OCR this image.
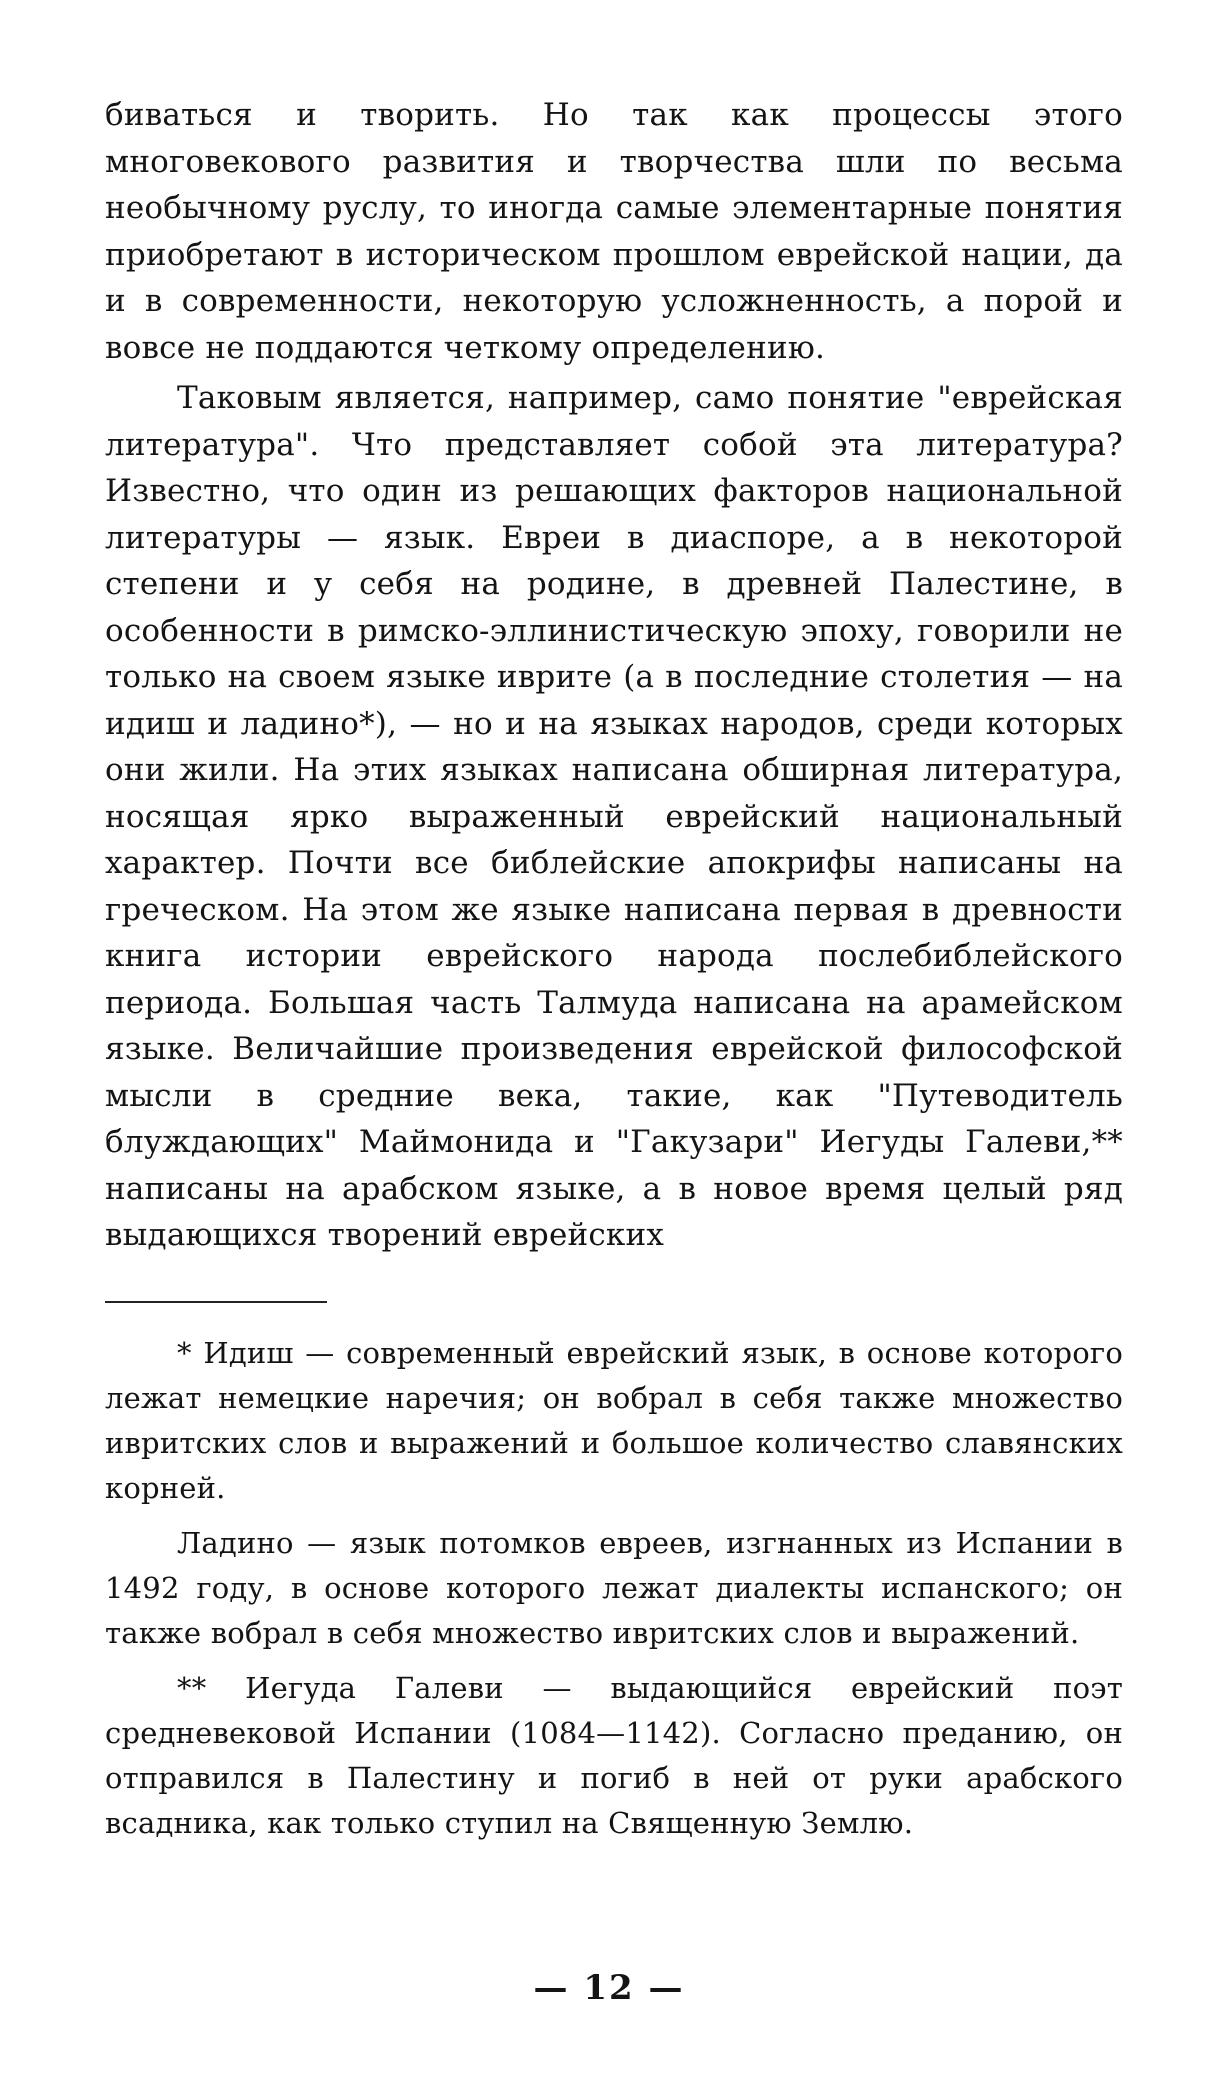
биваться и творить. Но так как процессы этого многовекового развития и творчества шли по весьма необычному руслу, то иногда самые элементарные понятия приобретают в историческом прошлом еврейской нации, да и в современности, некоторую усложненность, а порой и вовсе не поддаются четкому определению.

Таковым является, например, само понятие "еврейская литература". Что представляет собой эта литература? Известно, что один из решающих факторов национальной литературы — язык. Евреи в диаспоре, а в некоторой степени и у себя на родине, в древней Палестине, в особенности в римско-эллинистическую эпоху, говорили не только на своем языке иврите (а в последние столетия — на идиш и ладино*), — но и на языках народов, среди которых они жили. На этих языках написана обширная литература, носящая ярко выраженный еврейский национальный характер. Почти все библейские апокрифы написаны на греческом. На этом же языке написана первая в древности книга истории еврейского народа послебиблейского периода. Большая часть Талмуда написана на арамейском языке. Величайшие произведения еврейской философской мысли в средние века, такие, как "Путеводитель блуждающих" Маймонида и "Гакузари" Иегуды Галеви,** написаны на арабском языке, а в новое время целый ряд выдающихся творений еврейских

* Идиш — современный еврейский язык, в основе которого лежат немецкие наречия; он вобрал в себя также множество ивритских слов и выражений и большое количество славянских корней.

Ладино — язык потомков евреев, изгнанных из Испании в 1492 году, в основе которого лежат диалекты испанского; он также вобрал в себя множество ивритских слов и выражений.

** Иегуда Галеви — выдающийся еврейский поэт средневековой Испании (1084—1142). Согласно преданию, он отправился в Палестину и погиб в ней от руки арабского всадника, как только ступил на Священную Землю.

— 12 —
